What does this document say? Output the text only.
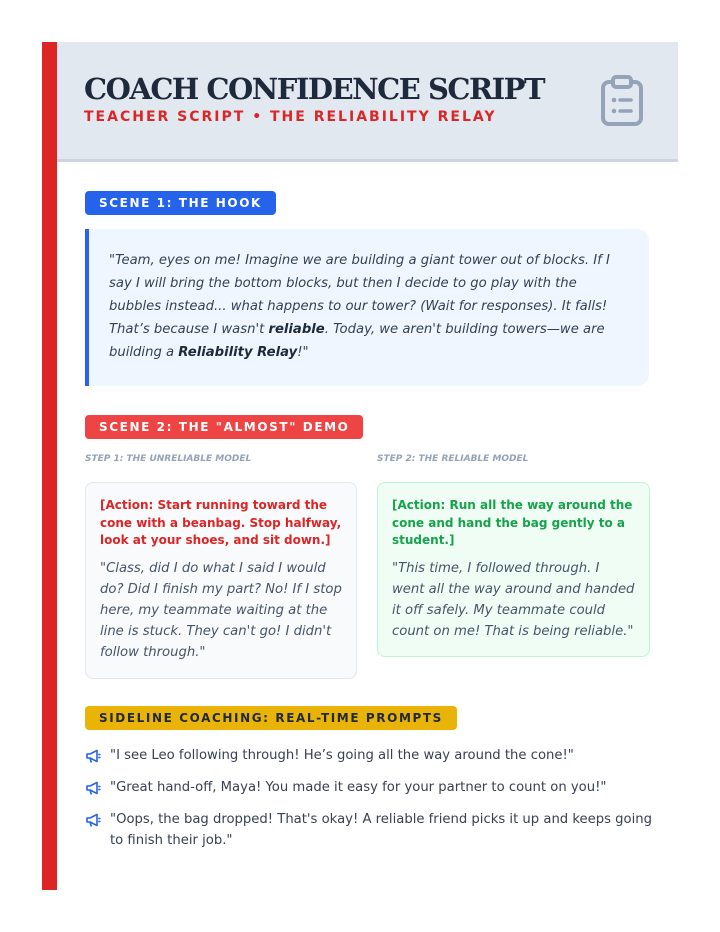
COACH CONFIDENCE SCRIPT
TEACHER SCRIPT • THE RELIABILITY RELAY
SCENE 1: THE HOOK

"Team, eyes on me! Imagine we are building a giant tower out of blocks. If I say I will bring the bottom blocks, but then I decide to go play with the bubbles instead... what happens to our tower? (Wait for responses). It falls! That’s because I wasn't reliable. Today, we aren't building towers—we are building a Reliability Relay!"

SCENE 2: THE "ALMOST" DEMO
STEP 1: THE UNRELIABLE MODEL	STEP 2: THE RELIABLE MODEL

[Action: Start running toward the cone with a beanbag. Stop halfway, look at your shoes, and sit down.]

"Class, did I do what I said I would do? Did I finish my part? No! If I stop here, my teammate waiting at the line is stuck. They can't go! I didn't follow through."

[Action: Run all the way around the cone and hand the bag gently to a student.]

"This time, I followed through. I went all the way around and handed it off safely. My teammate could count on me! That is being reliable."

SIDELINE COACHING: REAL-TIME PROMPTS
"I see Leo following through! He’s going all the way around the cone!"
"Great hand-off, Maya! You made it easy for your partner to count on you!"
"Oops, the bag dropped! That's okay! A reliable friend picks it up and keeps going to finish their job."
